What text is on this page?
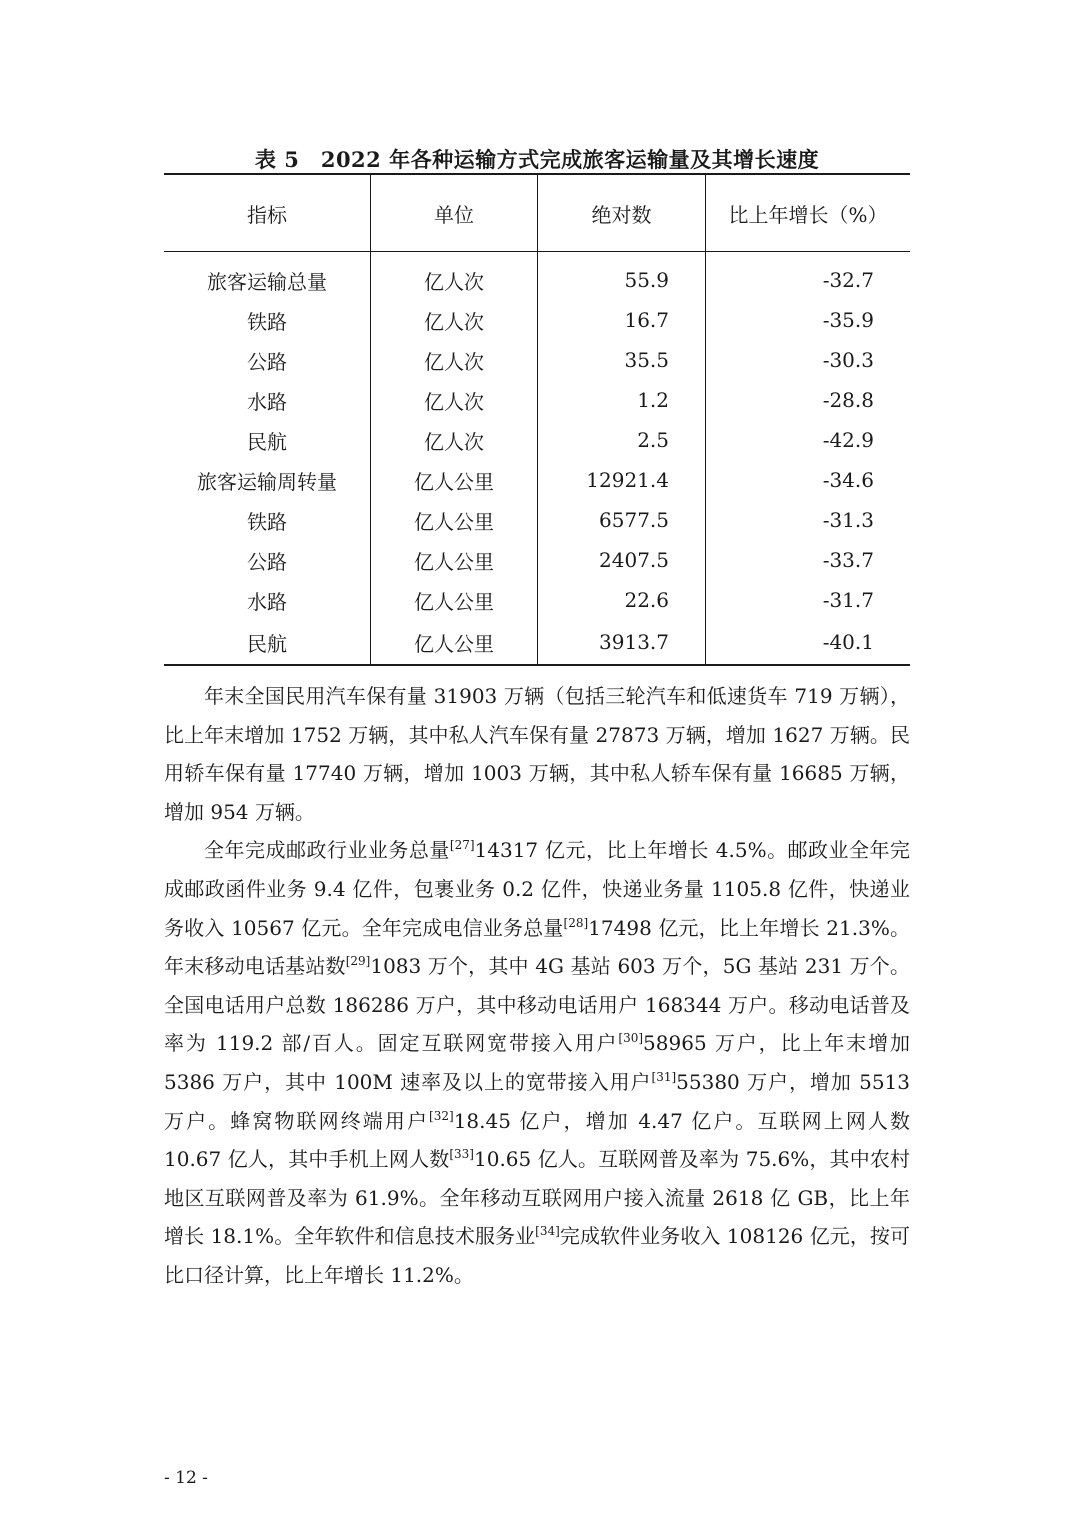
表 5　2022 年各种运输方式完成旅客运输量及其增长速度
指标	单位	绝对数	比上年增长（%）
旅客运输总量	亿人次	55.9	-32.7
铁路	亿人次	16.7	-35.9
公路	亿人次	35.5	-30.3
水路	亿人次	1.2	-28.8
民航	亿人次	2.5	-42.9
旅客运输周转量	亿人公里	12921.4	-34.6
铁路	亿人公里	6577.5	-31.3
公路	亿人公里	2407.5	-33.7
水路	亿人公里	22.6	-31.7
民航	亿人公里	3913.7	-40.1

年末全国民用汽车保有量 31903 万辆（包括三轮汽车和低速货车 719 万辆），比上年末增加 1752 万辆，其中私人汽车保有量 27873 万辆，增加 1627 万辆。民用轿车保有量 17740 万辆，增加 1003 万辆，其中私人轿车保有量 16685 万辆，增加 954 万辆。

全年完成邮政行业业务总量[27]14317 亿元，比上年增长 4.5%。邮政业全年完成邮政函件业务 9.4 亿件，包裹业务 0.2 亿件，快递业务量 1105.8 亿件，快递业务收入 10567 亿元。全年完成电信业务总量[28]17498 亿元，比上年增长 21.3%。年末移动电话基站数[29]1083 万个，其中 4G 基站 603 万个，5G 基站 231 万个。全国电话用户总数 186286 万户，其中移动电话用户 168344 万户。移动电话普及率为 119.2 部/百人。固定互联网宽带接入用户[30]58965 万户，比上年末增加 5386 万户，其中 100M 速率及以上的宽带接入用户[31]55380 万户，增加 5513 万户。蜂窝物联网终端用户[32]18.45 亿户，增加 4.47 亿户。互联网上网人数 10.67 亿人，其中手机上网人数[33]10.65 亿人。互联网普及率为 75.6%，其中农村地区互联网普及率为 61.9%。全年移动互联网用户接入流量 2618 亿 GB，比上年增长 18.1%。全年软件和信息技术服务业[34]完成软件业务收入 108126 亿元，按可比口径计算，比上年增长 11.2%。

- 12 -
